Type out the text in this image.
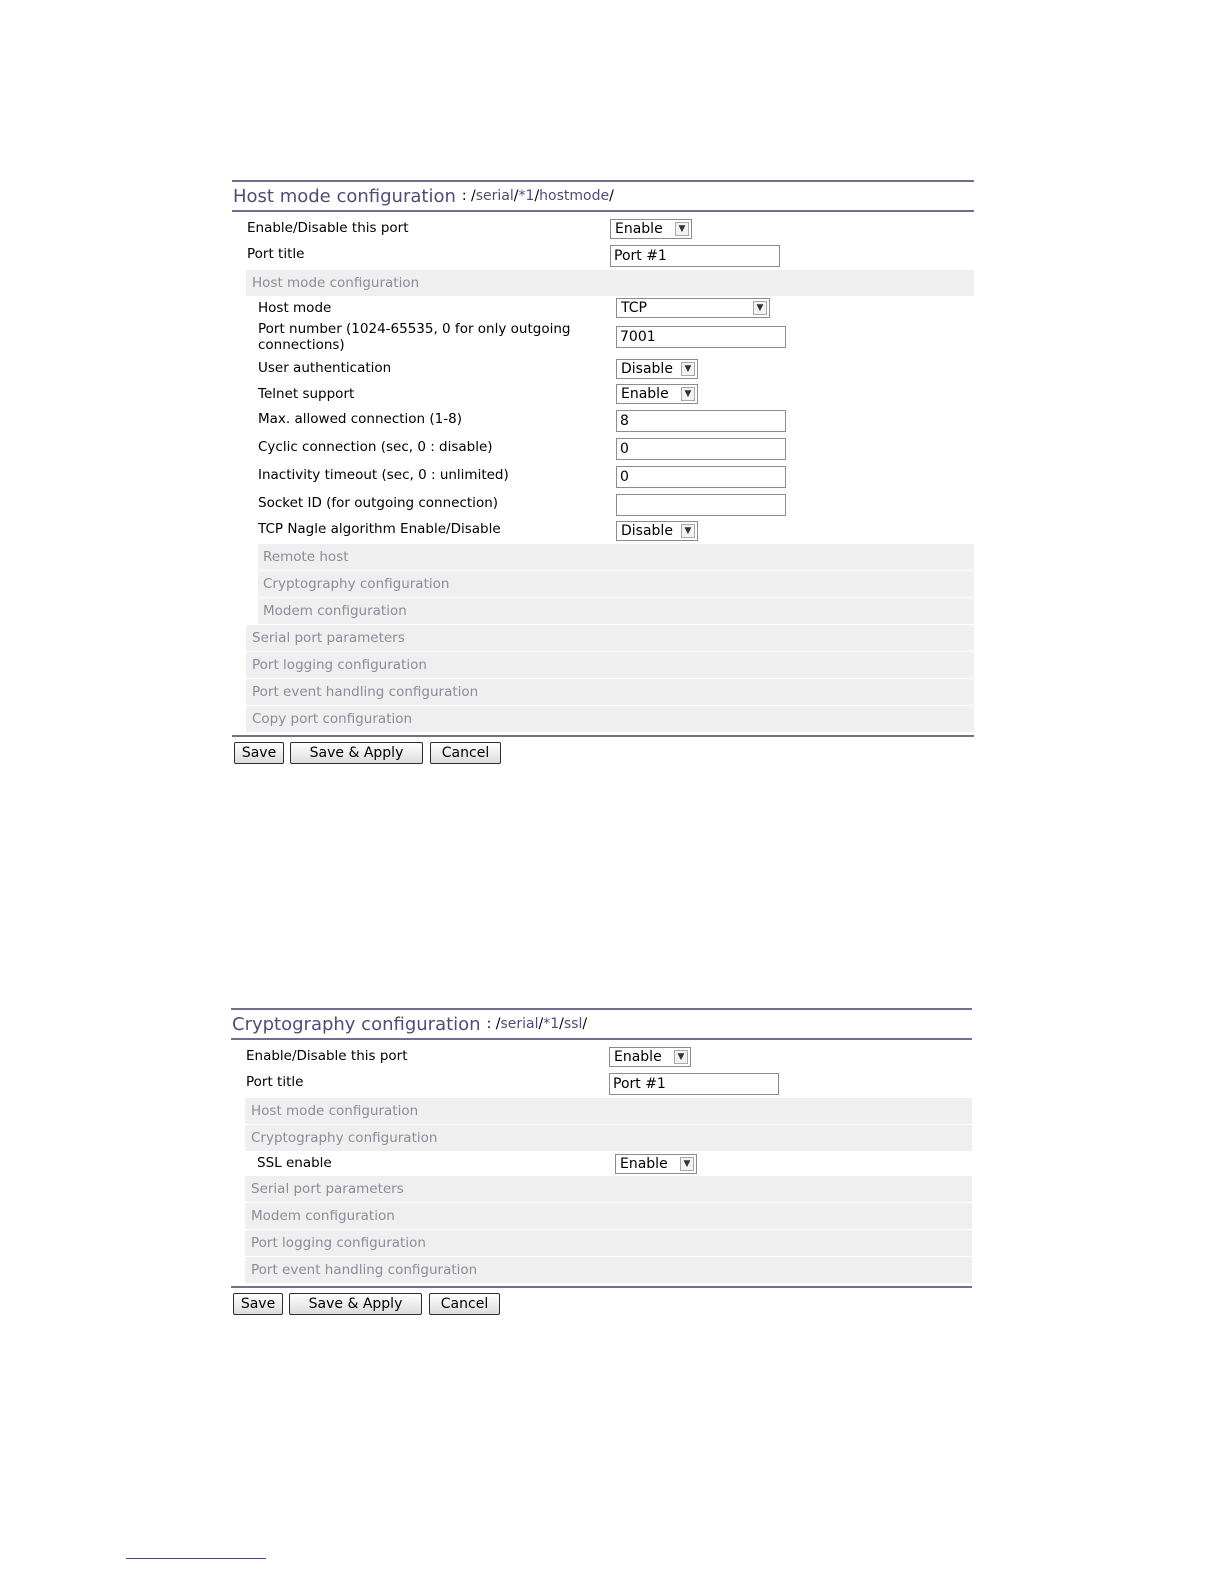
Host mode configuration : /serial/*1/hostmode/
Enable/Disable this port	Enable	▼
Port title	Port #1
Host mode configuration
Host mode	TCP	▼
Port number (1024-65535, 0 for only outgoing
connections)	7001
User authentication	Disable	▼
Telnet support	Enable	▼
Max. allowed connection (1-8)	8
Cyclic connection (sec, 0 : disable)	0
Inactivity timeout (sec, 0 : unlimited)	0
Socket ID (for outgoing connection)
TCP Nagle algorithm Enable/Disable	Disable	▼
Remote host
Cryptography configuration
Modem configuration
Serial port parameters
Port logging configuration
Port event handling configuration
Copy port configuration
Save	Save & Apply	Cancel
Cryptography configuration : /serial/*1/ssl/
Enable/Disable this port	Enable	▼
Port title	Port #1
Host mode configuration
Cryptography configuration
SSL enable	Enable	▼
Serial port parameters
Modem configuration
Port logging configuration
Port event handling configuration
Save	Save & Apply	Cancel
